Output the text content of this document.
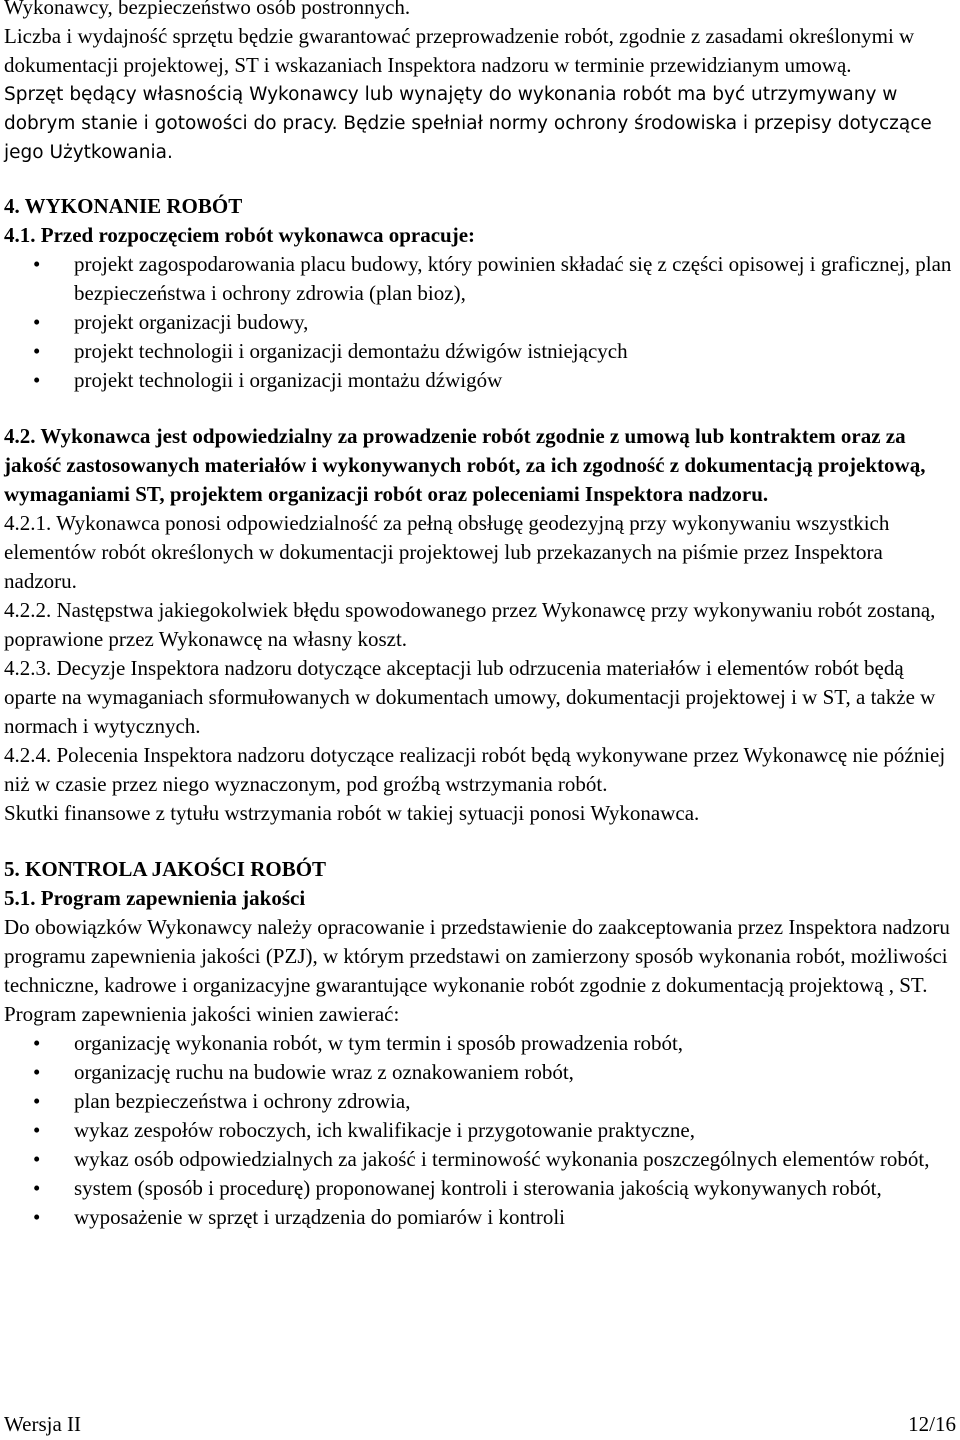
Wykonawcy, bezpieczeństwo osób postronnych.

Liczba i wydajność sprzętu będzie gwarantować przeprowadzenie robót, zgodnie z zasadami określonymi w dokumentacji projektowej, ST i wskazaniach Inspektora nadzoru w terminie przewidzianym umową.

Sprzęt będący własnością Wykonawcy lub wynajęty do wykonania robót ma być utrzymywany w dobrym stanie i gotowości do pracy. Będzie spełniał normy ochrony środowiska i przepisy dotyczące jego Użytkowania.

4. WYKONANIE ROBÓT

4.1. Przed rozpoczęciem robót wykonawca opracuje:

• projekt zagospodarowania placu budowy, który powinien składać się z części opisowej i graficznej, plan bezpieczeństwa i ochrony zdrowia (plan bioz),
• projekt organizacji budowy,
• projekt technologii i organizacji demontażu dźwigów istniejących
• projekt technologii i organizacji montażu dźwigów

4.2. Wykonawca jest odpowiedzialny za prowadzenie robót zgodnie z umową lub kontraktem oraz za jakość zastosowanych materiałów i wykonywanych robót, za ich zgodność z dokumentacją projektową, wymaganiami ST, projektem organizacji robót oraz poleceniami Inspektora nadzoru.

4.2.1. Wykonawca ponosi odpowiedzialność za pełną obsługę geodezyjną przy wykonywaniu wszystkich elementów robót określonych w dokumentacji projektowej lub przekazanych na piśmie przez Inspektora nadzoru.

4.2.2. Następstwa jakiegokolwiek błędu spowodowanego przez Wykonawcę przy wykonywaniu robót zostaną, poprawione przez Wykonawcę na własny koszt.

4.2.3. Decyzje Inspektora nadzoru dotyczące akceptacji lub odrzucenia materiałów i elementów robót będą oparte na wymaganiach sformułowanych w dokumentach umowy, dokumentacji projektowej i w ST, a także w normach i wytycznych.

4.2.4. Polecenia Inspektora nadzoru dotyczące realizacji robót będą wykonywane przez Wykonawcę nie później niż w czasie przez niego wyznaczonym, pod groźbą wstrzymania robót.

Skutki finansowe z tytułu wstrzymania robót w takiej sytuacji ponosi Wykonawca.

5. KONTROLA JAKOŚCI ROBÓT

5.1. Program zapewnienia jakości

Do obowiązków Wykonawcy należy opracowanie i przedstawienie do zaakceptowania przez Inspektora nadzoru programu zapewnienia jakości (PZJ), w którym przedstawi on zamierzony sposób wykonania robót, możliwości techniczne, kadrowe i organizacyjne gwarantujące wykonanie robót zgodnie z dokumentacją projektową , ST.

Program zapewnienia jakości winien zawierać:

• organizację wykonania robót, w tym termin i sposób prowadzenia robót,
• organizację ruchu na budowie wraz z oznakowaniem robót,
• plan bezpieczeństwa i ochrony zdrowia,
• wykaz zespołów roboczych, ich kwalifikacje i przygotowanie praktyczne,
• wykaz osób odpowiedzialnych za jakość i terminowość wykonania poszczególnych elementów robót,
• system (sposób i procedurę) proponowanej kontroli i sterowania jakością wykonywanych robót,
• wyposażenie w sprzęt i urządzenia do pomiarów i kontroli
Wersja II	12/16
